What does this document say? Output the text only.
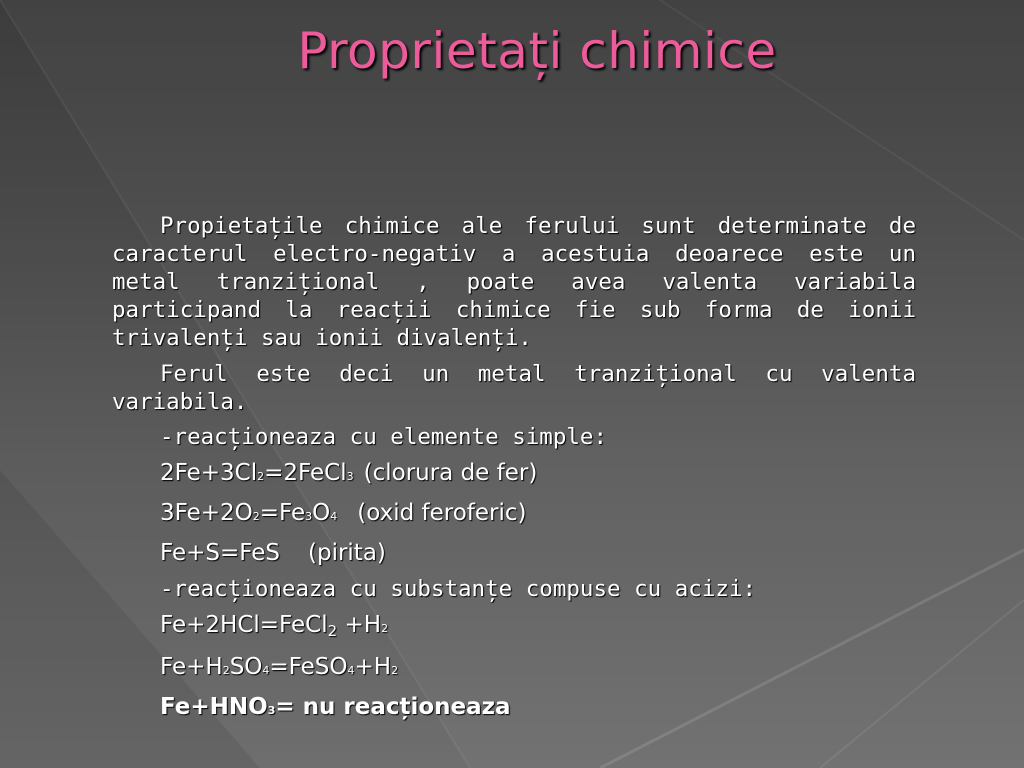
Proprietați chimice

Propietațile chimice ale ferului sunt determinate de caracterul electro-negativ a acestuia deoarece este un metal tranzițional , poate avea valenta variabila participand la reacții chimice fie sub forma de ionii trivalenți sau ionii divalenți.

Ferul este deci un metal tranzițional cu valenta variabila.

-reacționeaza cu elemente simple:
2Fe+3Cl2=2FeCl3 (clorura de fer)
3Fe+2O2=Fe3O4 (oxid feroferic)
Fe+S=FeS (pirita)
-reacționeaza cu substanțe compuse cu acizi:
Fe+2HCl=FeCl$_2$ +H2
Fe+H2SO4=FeSO4+H2
Fe+HNO3= nu reacționeaza
